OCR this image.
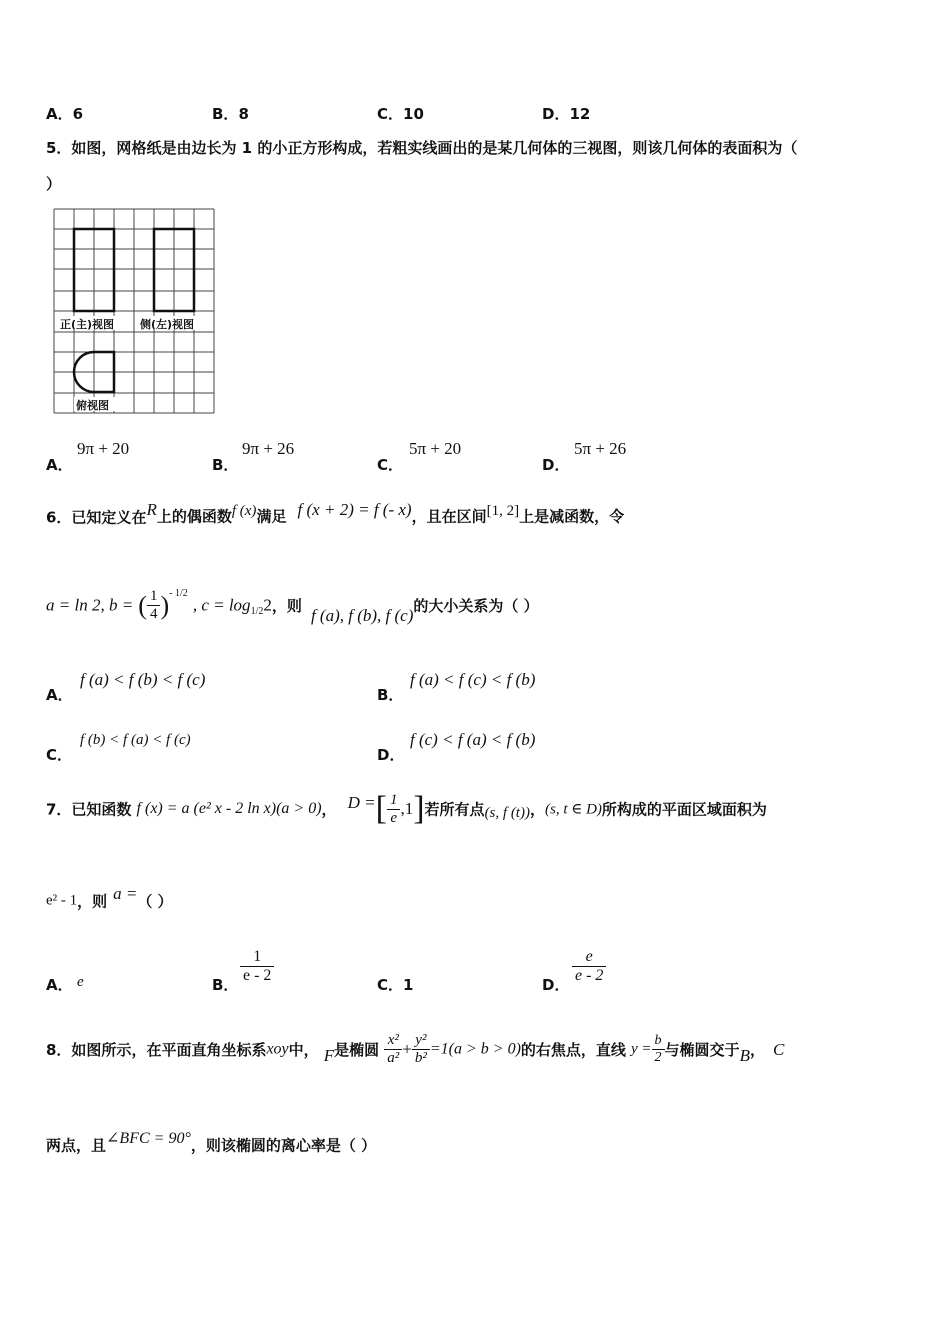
A．6	B．8	C．10	D．12
5．如图，网格纸是由边长为 1 的小正方形构成，若粗实线画出的是某几何体的三视图，则该几何体的表面积为（
）
正(主)视图 侧(左)视图
俯视图
A．
9π + 20
B．
9π + 26
C．
5π + 20
D．
5π + 26
6．已知定义在R上的偶函数f (x)满足 f (x + 2) = f (- x)，且在区间[1, 2]上是减函数，令
a = ln 2, b = ( $\frac{1}{4} )^{- 1/2}$ , $c = \log_{1/2}2$，则 f (a), f (b), f (c)的大小关系为（ ）
A．
f (a) < f (b) < f (c)
B．
f (a) < f (c) < f (b)
C．
f (b) < f (a) < f (c)
D．
f (c) < f (a) < f (b)
7．已知函数 f (x) = a (e² x - 2 ln x)(a > 0)， D =[ $\frac{1}{e} ,1$]若所有点(s, f (t))，(s, t ∈ D)所构成的平面区域面积为
e² - 1，则 a =（ ）
A． e	B． $\frac{1}{e - 2}$	C．1	D． $\frac{e}{e - 2}$
8．如图所示，在平面直角坐标系xoy中， F是椭圆 $\frac{\text{x²}}{\text{a²}} + \frac{\text{y²}}{\text{b²}} =1(a > b > 0)$的右焦点，直线 $y = \frac{b}{2}$ 与椭圆交于B， C
两点，且∠BFC = 90°，则该椭圆的离心率是（ ）
